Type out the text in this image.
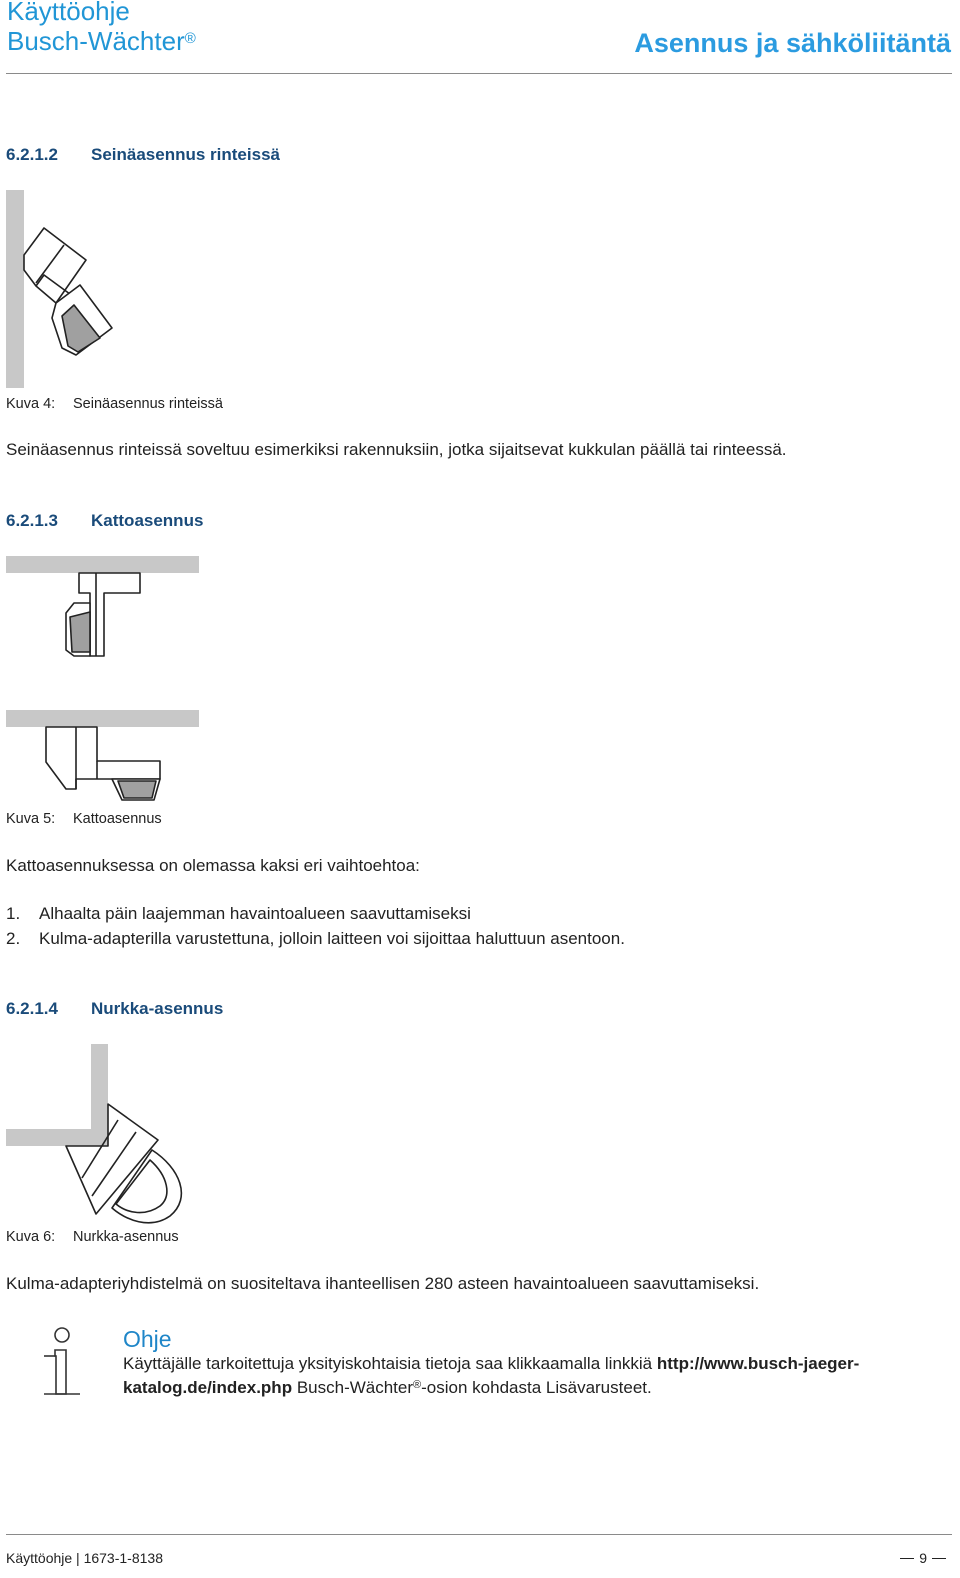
Käyttöohje
Busch-Wächter®	Asennus ja sähköliitäntä
6.2.1.2 Seinäasennus rinteissä
Kuva 4: Seinäasennus rinteissä
Seinäasennus rinteissä soveltuu esimerkiksi rakennuksiin, jotka sijaitsevat kukkulan päällä tai rinteessä.
6.2.1.3 Kattoasennus
Kuva 5: Kattoasennus
Kattoasennuksessa on olemassa kaksi eri vaihtoehtoa:
1.	Alhaalta päin laajemman havaintoalueen saavuttamiseksi
2.	Kulma-adapterilla varustettuna, jolloin laitteen voi sijoittaa haluttuun asentoon.
6.2.1.4 Nurkka-asennus
Kuva 6: Nurkka-asennus
Kulma-adapteriyhdistelmä on suositeltava ihanteellisen 280 asteen havaintoalueen saavuttamiseksi.
Ohje
Käyttäjälle tarkoitettuja yksityiskohtaisia tietoja saa klikkaamalla linkkiä http://www.busch-jaeger-katalog.de/index.php Busch-Wächter®-osion kohdasta Lisävarusteet.
Käyttöohje | 1673-1-8138	9
